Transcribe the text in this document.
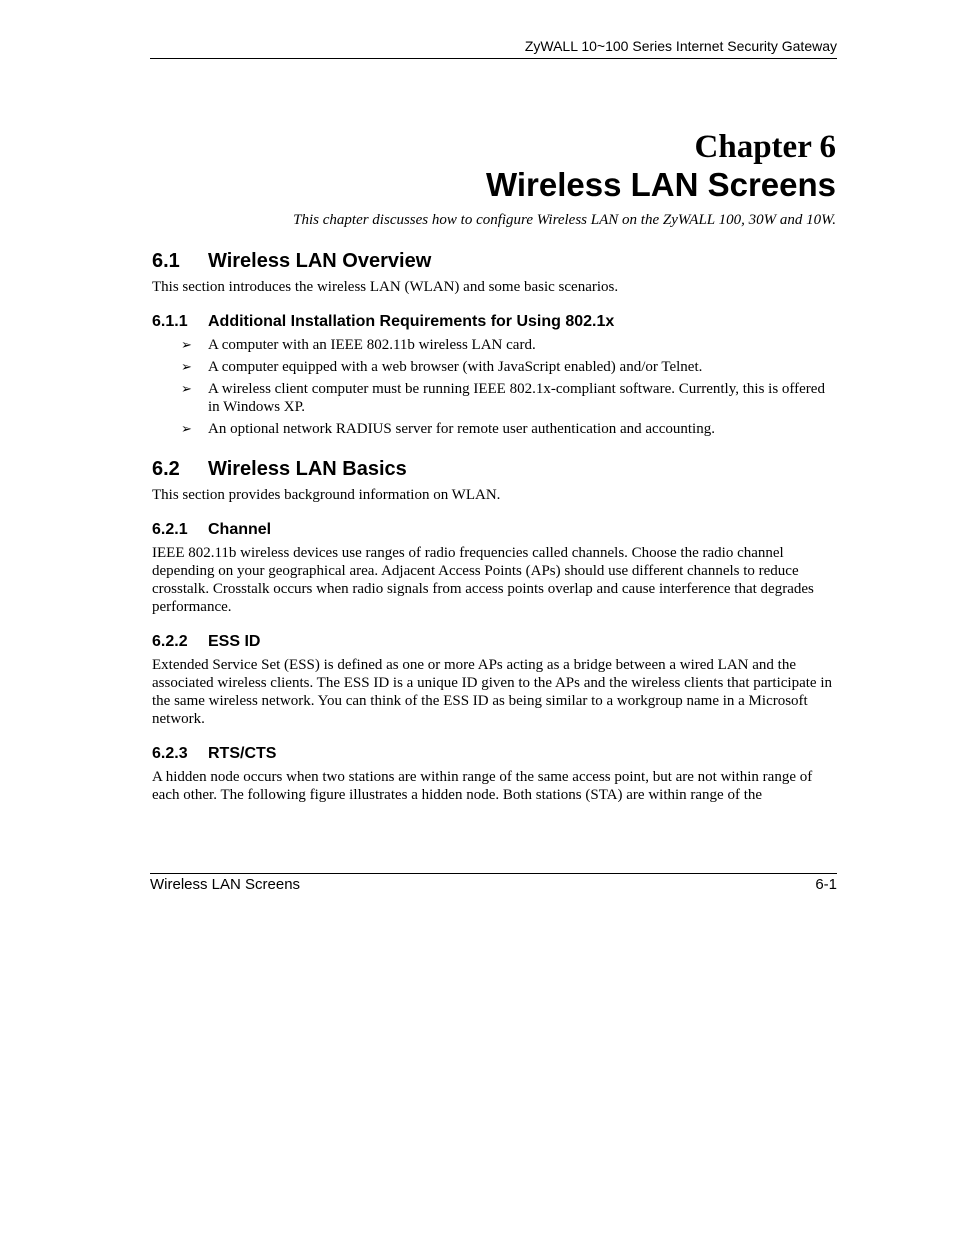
ZyWALL 10~100 Series Internet Security Gateway
Chapter 6
Wireless LAN Screens
This chapter discusses how to configure Wireless LAN on the ZyWALL 100, 30W and 10W.
6.1 Wireless LAN Overview

This section introduces the wireless LAN (WLAN) and some basic scenarios.

6.1.1 Additional Installation Requirements for Using 802.1x
➢ A computer with an IEEE 802.11b wireless LAN card.
➢ A computer equipped with a web browser (with JavaScript enabled) and/or Telnet.
➢ A wireless client computer must be running IEEE 802.1x-compliant software. Currently, this is offered in Windows XP.
➢ An optional network RADIUS server for remote user authentication and accounting.
6.2 Wireless LAN Basics

This section provides background information on WLAN.

6.2.1 Channel

IEEE 802.11b wireless devices use ranges of radio frequencies called channels. Choose the radio channel depending on your geographical area. Adjacent Access Points (APs) should use different channels to reduce crosstalk. Crosstalk occurs when radio signals from access points overlap and cause interference that degrades performance.

6.2.2 ESS ID

Extended Service Set (ESS) is defined as one or more APs acting as a bridge between a wired LAN and the associated wireless clients. The ESS ID is a unique ID given to the APs and the wireless clients that participate in the same wireless network. You can think of the ESS ID as being similar to a workgroup name in a Microsoft network.

6.2.3 RTS/CTS

A hidden node occurs when two stations are within range of the same access point, but are not within range of each other. The following figure illustrates a hidden node. Both stations (STA) are within range of the

Wireless LAN Screens	6-1
